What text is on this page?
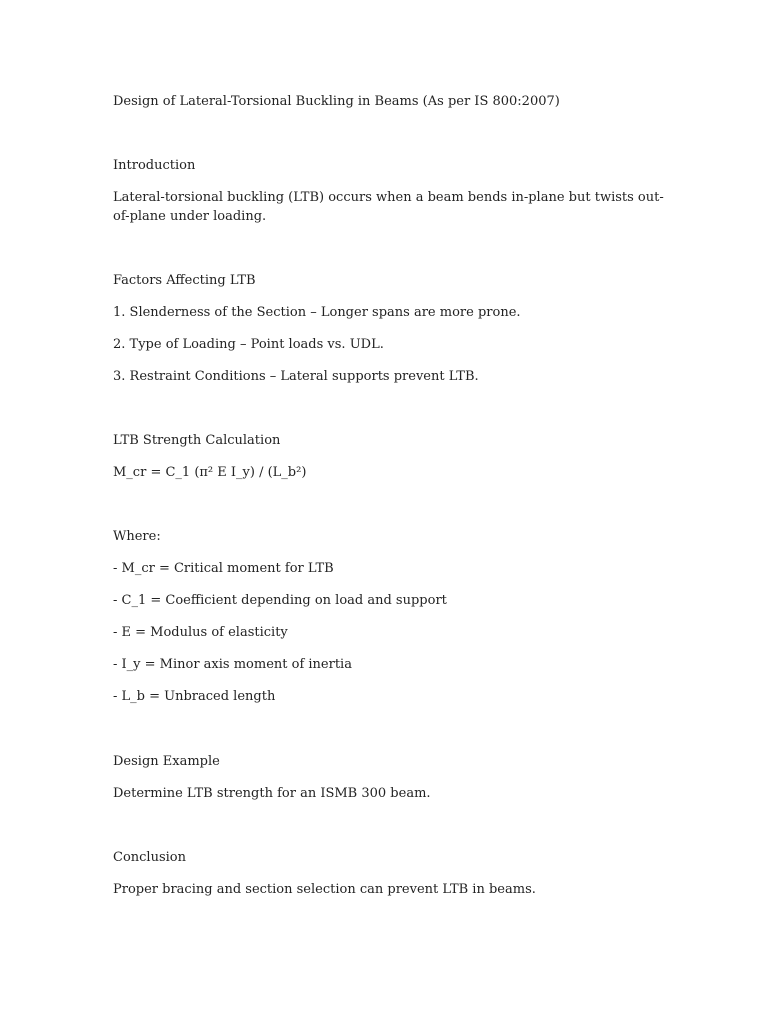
Design of Lateral-Torsional Buckling in Beams (As per IS 800:2007)

Introduction

Lateral-torsional buckling (LTB) occurs when a beam bends in-plane but twists out-of-plane under loading.

Factors Affecting LTB

1. Slenderness of the Section – Longer spans are more prone.

2. Type of Loading – Point loads vs. UDL.

3. Restraint Conditions – Lateral supports prevent LTB.

LTB Strength Calculation

M_cr = C_1 (π² E I_y) / (L_b²)

Where:

- M_cr = Critical moment for LTB

- C_1 = Coefficient depending on load and support

- E = Modulus of elasticity

- I_y = Minor axis moment of inertia

- L_b = Unbraced length

Design Example

Determine LTB strength for an ISMB 300 beam.

Conclusion

Proper bracing and section selection can prevent LTB in beams.
